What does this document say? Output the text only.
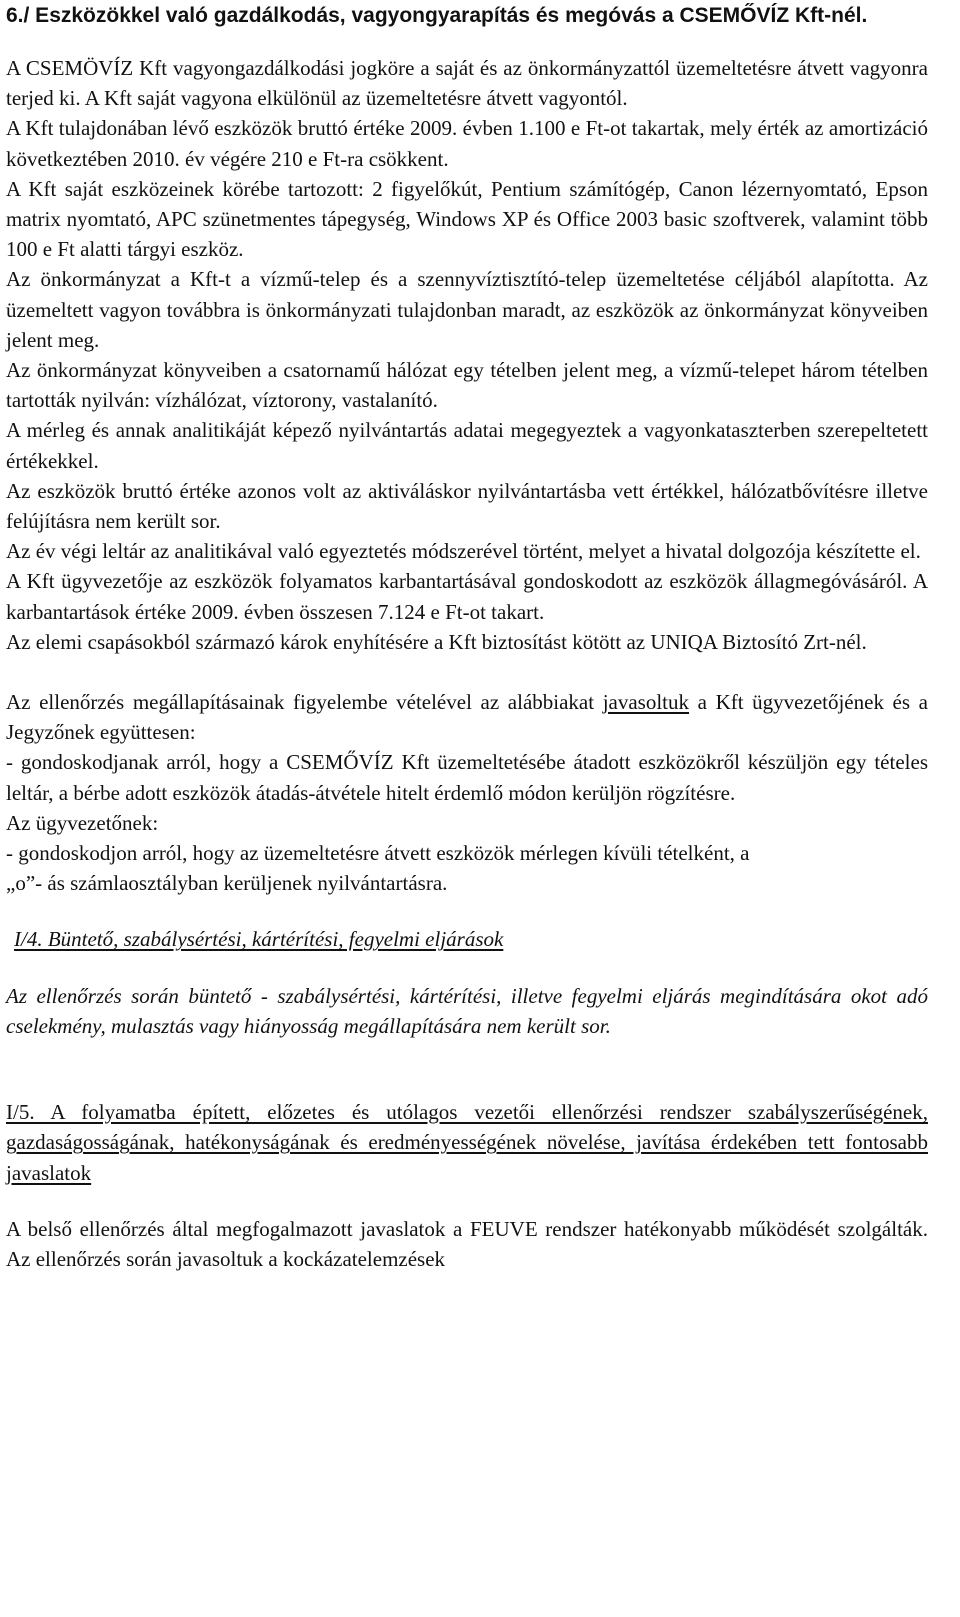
6./ Eszközökkel való gazdálkodás, vagyongyarapítás és megóvás a CSEMŐVÍZ Kft-nél.

A CSEMÖVÍZ Kft vagyongazdálkodási jogköre a saját és az önkormányzattól üzemeltetésre átvett vagyonra terjed ki. A Kft saját vagyona elkülönül az üzemeltetésre átvett vagyontól.

A Kft tulajdonában lévő eszközök bruttó értéke 2009. évben 1.100 e Ft-ot takartak, mely érték az amortizáció következtében 2010. év végére 210 e Ft-ra csökkent.

A Kft saját eszközeinek körébe tartozott: 2 figyelőkút, Pentium számítógép, Canon lézernyomtató, Epson matrix nyomtató, APC szünetmentes tápegység, Windows XP és Office 2003 basic szoftverek, valamint több 100 e Ft alatti tárgyi eszköz.

Az önkormányzat a Kft-t a vízmű-telep és a szennyvíztisztító-telep üzemeltetése céljából alapította. Az üzemeltett vagyon továbbra is önkormányzati tulajdonban maradt, az eszközök az önkormányzat könyveiben jelent meg.

Az önkormányzat könyveiben a csatornamű hálózat egy tételben jelent meg, a vízmű-telepet három tételben tartották nyilván: vízhálózat, víztorony, vastalanító.

A mérleg és annak analitikáját képező nyilvántartás adatai megegyeztek a vagyonkataszterben szerepeltetett értékekkel.

Az eszközök bruttó értéke azonos volt az aktiváláskor nyilvántartásba vett értékkel, hálózatbővítésre illetve felújításra nem került sor.

Az év végi leltár az analitikával való egyeztetés módszerével történt, melyet a hivatal dolgozója készítette el.

A Kft ügyvezetője az eszközök folyamatos karbantartásával gondoskodott az eszközök állagmegóvásáról. A karbantartások értéke 2009. évben összesen 7.124 e Ft-ot takart.

Az elemi csapásokból származó károk enyhítésére a Kft biztosítást kötött az UNIQA Biztosító Zrt-nél.

Az ellenőrzés megállapításainak figyelembe vételével az alábbiakat javasoltuk a Kft ügyvezetőjének és a Jegyzőnek együttesen:

- gondoskodjanak arról, hogy a CSEMŐVÍZ Kft üzemeltetésébe átadott eszközökről készüljön egy tételes leltár, a bérbe adott eszközök átadás-átvétele hitelt érdemlő módon kerüljön rögzítésre.

Az ügyvezetőnek:

- gondoskodjon arról, hogy az üzemeltetésre átvett eszközök mérlegen kívüli tételként, a

„o”- ás számlaosztályban kerüljenek nyilvántartásra.

I/4. Büntető, szabálysértési, kártérítési, fegyelmi eljárások

Az ellenőrzés során büntető - szabálysértési, kártérítési, illetve fegyelmi eljárás megindítására okot adó cselekmény, mulasztás vagy hiányosság megállapítására nem került sor.

I/5. A folyamatba épített, előzetes és utólagos vezetői ellenőrzési rendszer szabályszerűségének, gazdaságosságának, hatékonyságának és eredményességének növelése, javítása érdekében tett fontosabb javaslatok

A belső ellenőrzés által megfogalmazott javaslatok a FEUVE rendszer hatékonyabb működését szolgálták. Az ellenőrzés során javasoltuk a kockázatelemzések
